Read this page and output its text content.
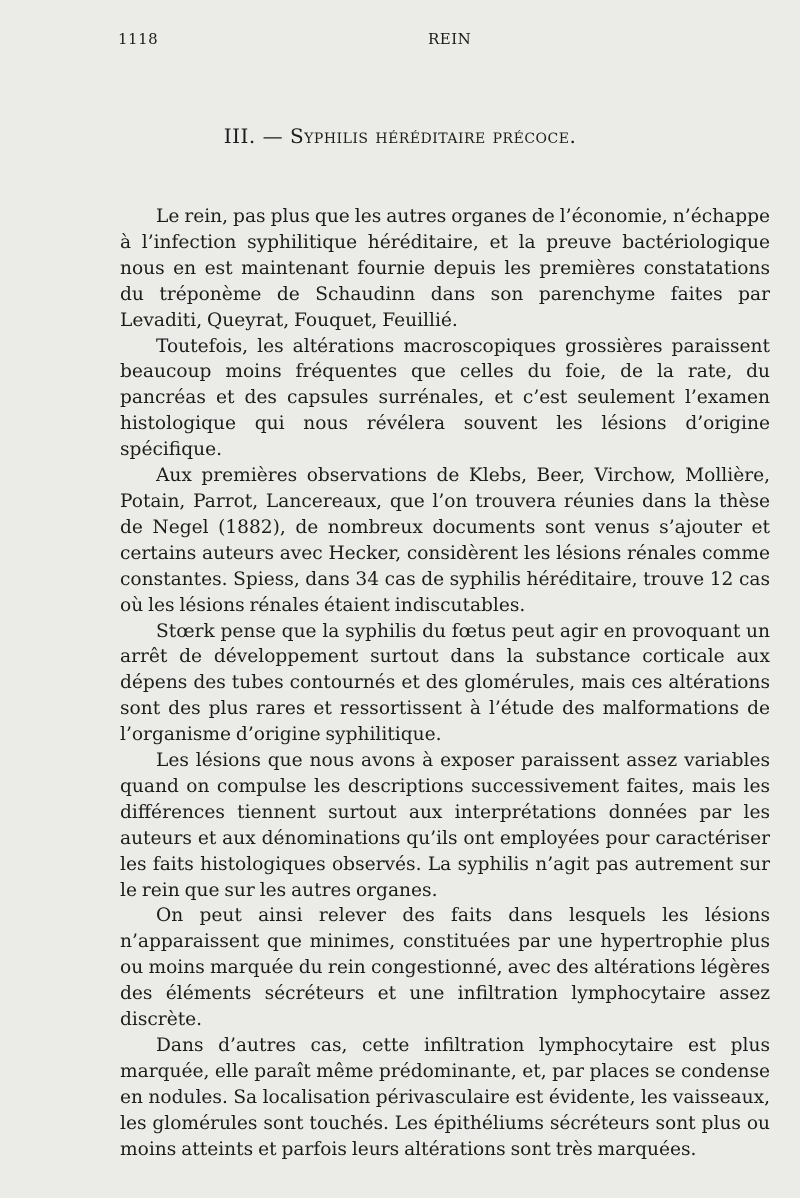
1118	REIN
III. — Syphilis héréditaire précoce.

Le rein, pas plus que les autres organes de l’économie, n’échappe à l’infection syphilitique héréditaire, et la preuve bactériologique nous en est maintenant fournie depuis les premières constatations du tréponème de Schaudinn dans son parenchyme faites par Levaditi, Queyrat, Fouquet, Feuillié.

Toutefois, les altérations macroscopiques grossières paraissent beaucoup moins fréquentes que celles du foie, de la rate, du pancréas et des capsules surrénales, et c’est seulement l’examen histologique qui nous révélera souvent les lésions d’origine spécifique.

Aux premières observations de Klebs, Beer, Virchow, Mollière, Potain, Parrot, Lancereaux, que l’on trouvera réunies dans la thèse de Negel (1882), de nombreux documents sont venus s’ajouter et certains auteurs avec Hecker, considèrent les lésions rénales comme constantes. Spiess, dans 34 cas de syphilis héréditaire, trouve 12 cas où les lésions rénales étaient indiscutables.

Stœrk pense que la syphilis du fœtus peut agir en provoquant un arrêt de développement surtout dans la substance corticale aux dépens des tubes contournés et des glomérules, mais ces altérations sont des plus rares et ressortissent à l’étude des malformations de l’organisme d’origine syphilitique.

Les lésions que nous avons à exposer paraissent assez variables quand on compulse les descriptions successivement faites, mais les différences tiennent surtout aux interprétations données par les auteurs et aux dénominations qu’ils ont employées pour caractériser les faits histologiques observés. La syphilis n’agit pas autrement sur le rein que sur les autres organes.

On peut ainsi relever des faits dans lesquels les lésions n’apparaissent que minimes, constituées par une hypertrophie plus ou moins marquée du rein congestionné, avec des altérations légères des éléments sécréteurs et une infiltration lymphocytaire assez discrète.

Dans d’autres cas, cette infiltration lymphocytaire est plus marquée, elle paraît même prédominante, et, par places se condense en nodules. Sa localisation périvasculaire est évidente, les vaisseaux, les glomérules sont touchés. Les épithéliums sécréteurs sont plus ou moins atteints et parfois leurs altérations sont très marquées.
